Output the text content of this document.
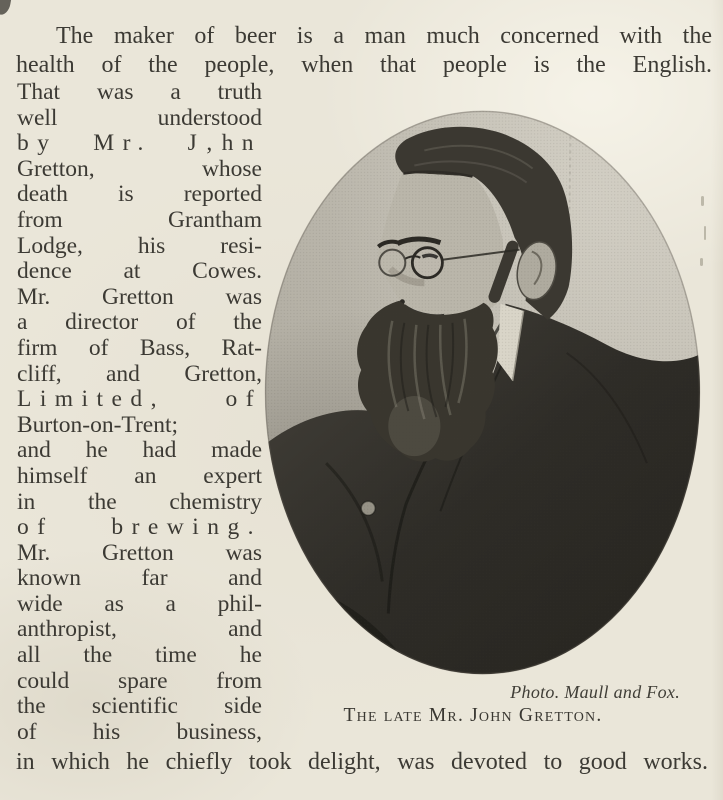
The maker of beer is a man much concerned with the
health of the people, when that people is the English.

That was a truth
well understood
by Mr. J‚hn
Gretton, whose
death is reported
from Grantham
Lodge, his resi-
dence at Cowes.
Mr. Gretton was
a director of the
firm of Bass, Rat-
cliff, and Gretton,
Limited, of
Burton-on-Trent;
and he had made
himself an expert
in the chemistry
of brewing.
Mr. Gretton was
known far and
wide as a phil-
anthropist, and
all the time he
could spare from
the scientific side
of his business,
Photo. Maull and Fox.
The late Mr. John Gretton.

in which he chiefly took delight, was devoted to good works.
